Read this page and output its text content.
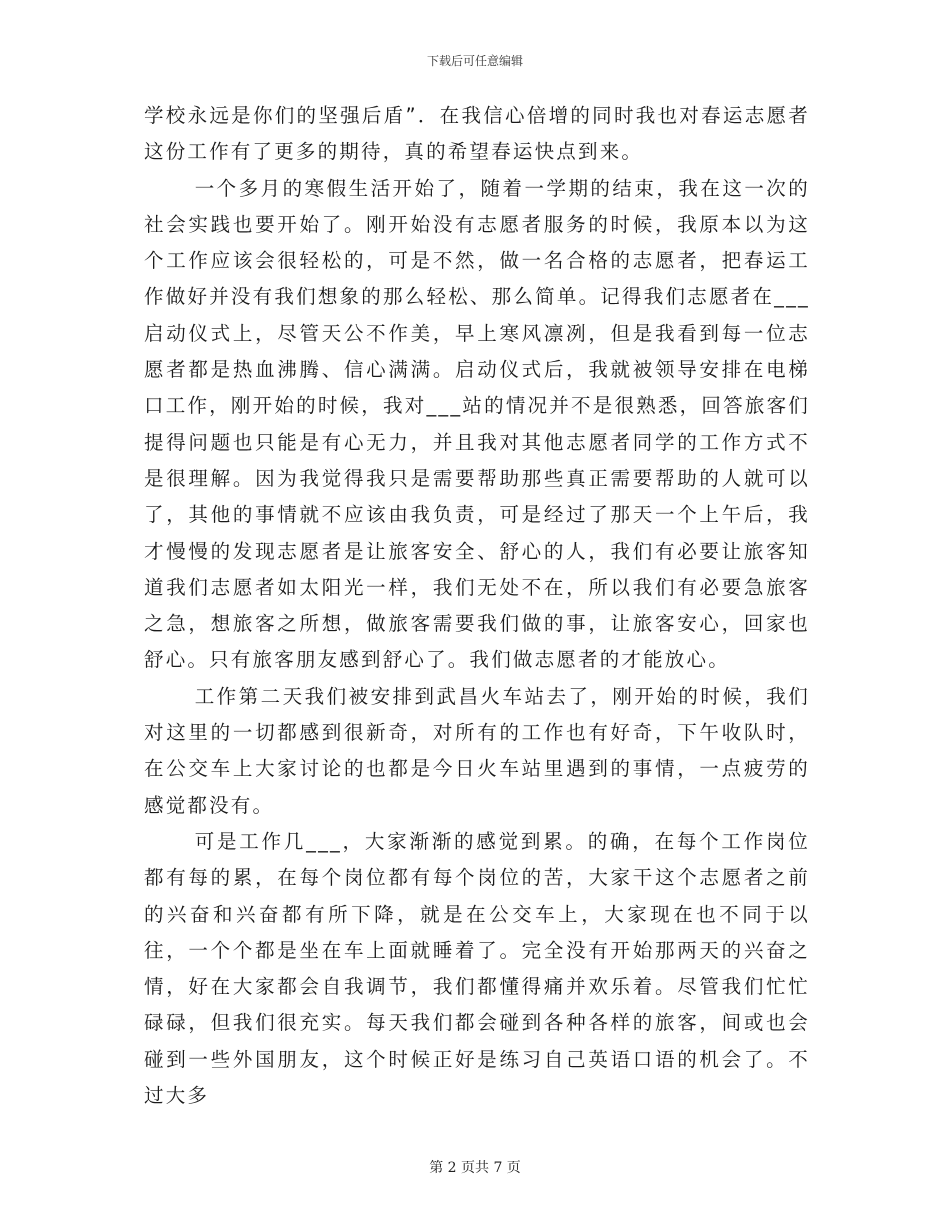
下载后可任意编辑

学校永远是你们的坚强后盾”．在我信心倍增的同时我也对春运志愿者这份工作有了更多的期待，真的希望春运快点到来。

一个多月的寒假生活开始了，随着一学期的结束，我在这一次的社会实践也要开始了。刚开始没有志愿者服务的时候，我原本以为这个工作应该会很轻松的，可是不然，做一名合格的志愿者，把春运工作做好并没有我们想象的那么轻松、那么简单。记得我们志愿者在___启动仪式上，尽管天公不作美，早上寒风凛冽，但是我看到每一位志愿者都是热血沸腾、信心满满。启动仪式后，我就被领导安排在电梯口工作，刚开始的时候，我对___站的情况并不是很熟悉，回答旅客们提得问题也只能是有心无力，并且我对其他志愿者同学的工作方式不是很理解。因为我觉得我只是需要帮助那些真正需要帮助的人就可以了，其他的事情就不应该由我负责，可是经过了那天一个上午后，我才慢慢的发现志愿者是让旅客安全、舒心的人，我们有必要让旅客知道我们志愿者如太阳光一样，我们无处不在，所以我们有必要急旅客之急，想旅客之所想，做旅客需要我们做的事，让旅客安心，回家也舒心。只有旅客朋友感到舒心了。我们做志愿者的才能放心。

工作第二天我们被安排到武昌火车站去了，刚开始的时候，我们对这里的一切都感到很新奇，对所有的工作也有好奇，下午收队时，在公交车上大家讨论的也都是今日火车站里遇到的事情，一点疲劳的感觉都没有。

可是工作几___，大家渐渐的感觉到累。的确，在每个工作岗位都有每的累，在每个岗位都有每个岗位的苦，大家干这个志愿者之前的兴奋和兴奋都有所下降，就是在公交车上，大家现在也不同于以往，一个个都是坐在车上面就睡着了。完全没有开始那两天的兴奋之情，好在大家都会自我调节，我们都懂得痛并欢乐着。尽管我们忙忙碌碌，但我们很充实。每天我们都会碰到各种各样的旅客，间或也会碰到一些外国朋友，这个时候正好是练习自己英语口语的机会了。不过大多

第 2 页共 7 页
